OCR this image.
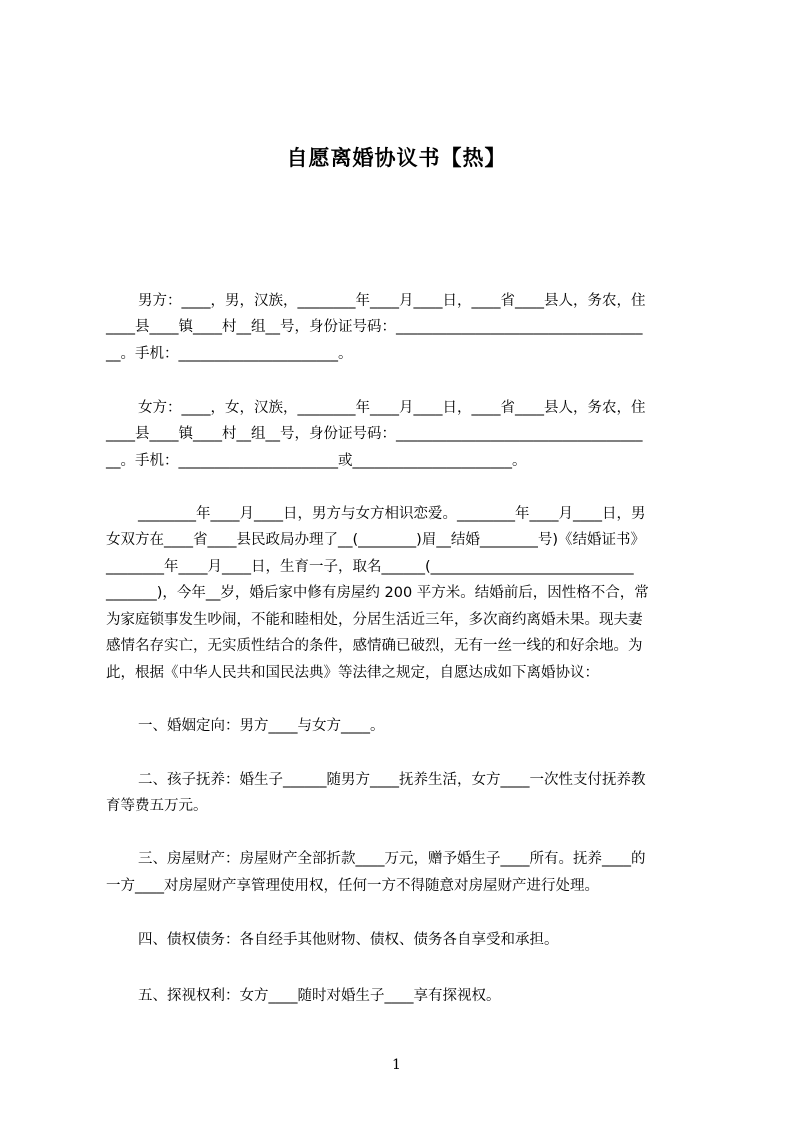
自愿离婚协议书【热】
男方：____，男，汉族，________年____月____日，____省____县人，务农，住
____县____镇____村__组__号，身份证号码：__________________________________
__。手机：______________________。
女方：____，女，汉族，________年____月____日，____省____县人，务农，住
____县____镇____村__组__号，身份证号码：__________________________________
__。手机：______________________或______________________。
________年____月____日，男方与女方相识恋爱。________年____月____日，男
女双方在____省____县民政局办理了__(________)眉__结婚________号)《结婚证书》
________年____月____日，生育一子，取名______(____________________________
_______)，今年__岁，婚后家中修有房屋约 200 平方米。结婚前后，因性格不合，常
为家庭锁事发生吵闹，不能和睦相处，分居生活近三年，多次商约离婚未果。现夫妻
感情名存实亡，无实质性结合的条件，感情确已破烈，无有一丝一线的和好余地。为
此，根据《中华人民共和国民法典》等法律之规定，自愿达成如下离婚协议：
一、婚姻定向：男方____与女方____。
二、孩子抚养：婚生子______随男方____抚养生活，女方____一次性支付抚养教
育等费五万元。
三、房屋财产：房屋财产全部折款____万元，赠予婚生子____所有。抚养____的
一方____对房屋财产享管理使用权，任何一方不得随意对房屋财产进行处理。
四、债权债务：各自经手其他财物、债权、债务各自享受和承担。
五、探视权利：女方____随时对婚生子____享有探视权。
1
